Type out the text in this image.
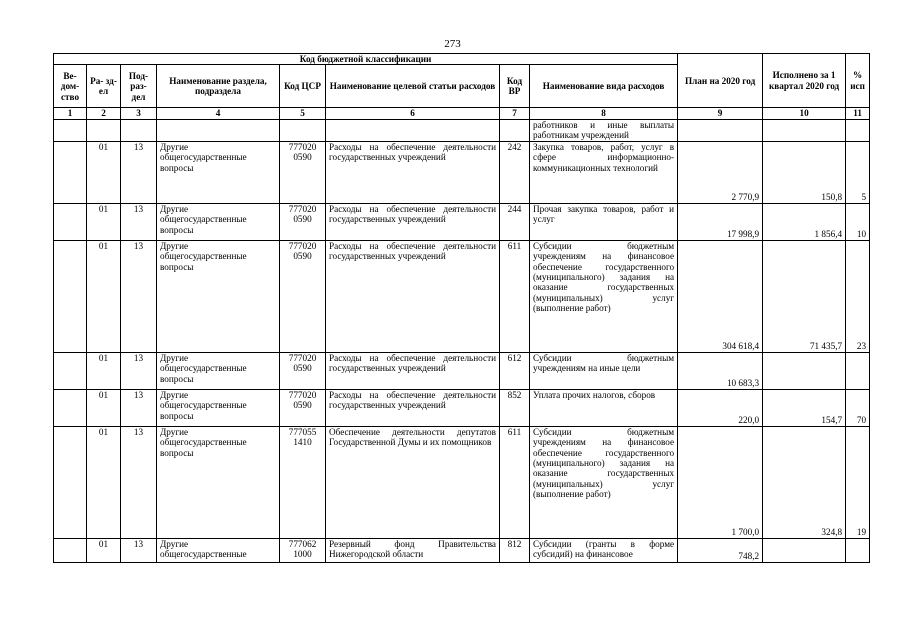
273
Код бюджетной классификации								План на 2020 год	Исполнено за 1 квартал 2020 год	% исп
Ве- дом- ство	Ра- зд- ел	Под- раз- дел	Наименование раздела, подраздела	Код ЦСР	Наименование целевой статьи расходов	Код ВР	Наименование вида расходов			
1	2	3	4	5	6	7	8	9	10	11
							работников и иные выплаты работникам учреждений			
	01	13	Другие общегосударственные вопросы	777020 0590	Расходы на обеспечение деятельности государственных учреждений	242	Закупка товаров, работ, услуг в сфере информационно-коммуникационных технологий	2 770,9	150,8	5
	01	13	Другие общегосударственные вопросы	777020 0590	Расходы на обеспечение деятельности государственных учреждений	244	Прочая закупка товаров, работ и услуг	17 998,9	1 856,4	10
	01	13	Другие общегосударственные вопросы	777020 0590	Расходы на обеспечение деятельности государственных учреждений	611	Субсидии бюджетным учреждениям на финансовое обеспечение государственного (муниципального) задания на оказание государственных (муниципальных) услуг (выполнение работ)	304 618,4	71 435,7	23
	01	13	Другие общегосударственные вопросы	777020 0590	Расходы на обеспечение деятельности государственных учреждений	612	Субсидии бюджетным учреждениям на иные цели	10 683,3		
	01	13	Другие общегосударственные вопросы	777020 0590	Расходы на обеспечение деятельности государственных учреждений	852	Уплата прочих налогов, сборов	220,0	154,7	70
	01	13	Другие общегосударственные вопросы	777055 1410	Обеспечение деятельности депутатов Государственной Думы и их помощников	611	Субсидии бюджетным учреждениям на финансовое обеспечение государственного (муниципального) задания на оказание государственных (муниципальных) услуг (выполнение работ)	1 700,0	324,8	19
	01	13	Другие общегосударственные	777062 1000	Резервный фонд Правительства Нижегородской области	812	Субсидии (гранты в форме субсидий) на финансовое	748,2		
